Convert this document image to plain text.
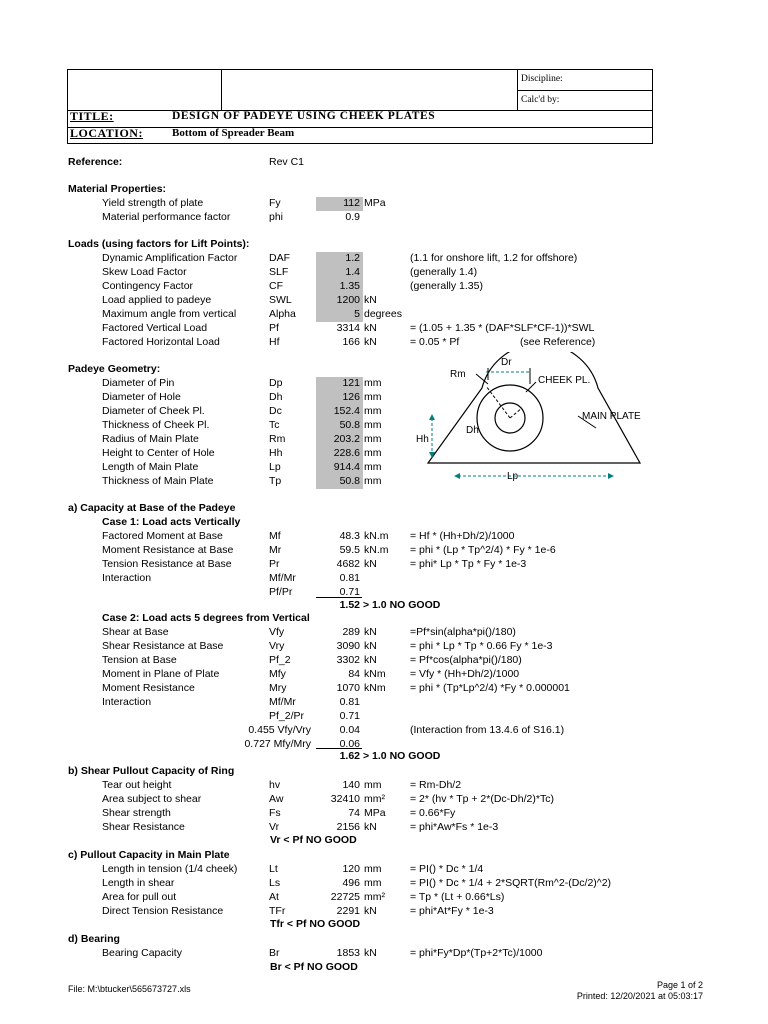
Discipline:
Calc'd by:
TITLE:	DESIGN OF PADEYE USING CHEEK PLATES
LOCATION:	Bottom of Spreader Beam
Reference:	Rev C1
Material Properties:
Yield strength of plate	Fy	112 MPa
Material performance factor	phi	0.9
Loads (using factors for Lift Points):
Dynamic Amplification Factor	DAF	1.2	(1.1 for onshore lift, 1.2 for offshore)
Skew Load Factor	SLF	1.4	(generally 1.4)
Contingency Factor	CF	1.35	(generally 1.35)
Load applied to padeye	SWL	1200 kN
Maximum angle from vertical	Alpha	5 degrees
Factored Vertical Load	Pf	3314 kN	= (1.05 + 1.35 * (DAF*SLF*CF-1))*SWL
Factored Horizontal Load	Hf	166 kN	= 0.05 * Pf	(see Reference)
Padeye Geometry:
Diameter of Pin	Dp	121 mm
Diameter of Hole	Dh	126 mm
Diameter of Cheek Pl.	Dc	152.4 mm
Thickness of Cheek Pl.	Tc	50.8 mm
Radius of Main Plate	Rm	203.2 mm
Height to Center of Hole	Hh	228.6 mm
Length of Main Plate	Lp	914.4 mm
Thickness of Main Plate	Tp	50.8 mm
Dr
Rm
CHEEK PL.
MAIN PLATE
Dh
Hh
Lp
a) Capacity at Base of the Padeye
Case 1: Load acts Vertically
Factored Moment at Base	Mf	48.3 kN.m = Hf * (Hh+Dh/2)/1000
Moment Resistance at Base	Mr	59.5 kN.m = phi * (Lp * Tp^2/4) * Fy * 1e-6
Tension Resistance at Base	Pr	4682 kN	= phi* Lp * Tp * Fy * 1e-3
Interaction	Mf/Mr	0.81
Pf/Pr	0.71
1.52 > 1.0 NO GOOD
Case 2: Load acts 5 degrees from Vertical
Shear at Base	Vfy	289 kN	=Pf*sin(alpha*pi()/180)
Shear Resistance at Base	Vry	3090 kN	= phi * Lp * Tp * 0.66 Fy * 1e-3
Tension at Base	Pf_2	3302 kN	= Pf*cos(alpha*pi()/180)
Moment in Plane of Plate	Mfy	84 kNm = Vfy * (Hh+Dh/2)/1000
Moment Resistance	Mry	1070 kNm = phi * (Tp*Lp^2/4) *Fy * 0.000001
Interaction	Mf/Mr	0.81
Pf_2/Pr	0.71
0.455 Vfy/Vry	0.04	(Interaction from 13.4.6 of S16.1)
0.727 Mfy/Mry	0.06
1.62 > 1.0 NO GOOD
b) Shear Pullout Capacity of Ring
Tear out height	hv	140 mm	= Rm-Dh/2
Area subject to shear	Aw	32410 mm² = 2* (hv * Tp + 2*(Dc-Dh/2)*Tc)
Shear strength	Fs	74 MPa = 0.66*Fy
Shear Resistance	Vr	2156 kN	= phi*Aw*Fs * 1e-3
Vr < Pf NO GOOD
c) Pullout Capacity in Main Plate
Length in tension (1/4 cheek)	Lt	120 mm	= PI() * Dc * 1/4
Length in shear	Ls	496 mm	= PI() * Dc * 1/4 + 2*SQRT(Rm^2-(Dc/2)^2)
Area for pull out	At	22725 mm² = Tp * (Lt + 0.66*Ls)
Direct Tension Resistance	TFr	2291 kN	= phi*At*Fy * 1e-3
Tfr < Pf NO GOOD
d) Bearing
Bearing Capacity	Br	1853 kN	= phi*Fy*Dp*(Tp+2*Tc)/1000
Br < Pf NO GOOD
File: M:\btucker\565673727.xls	Page 1 of 2
Printed: 12/20/2021 at 05:03:17
